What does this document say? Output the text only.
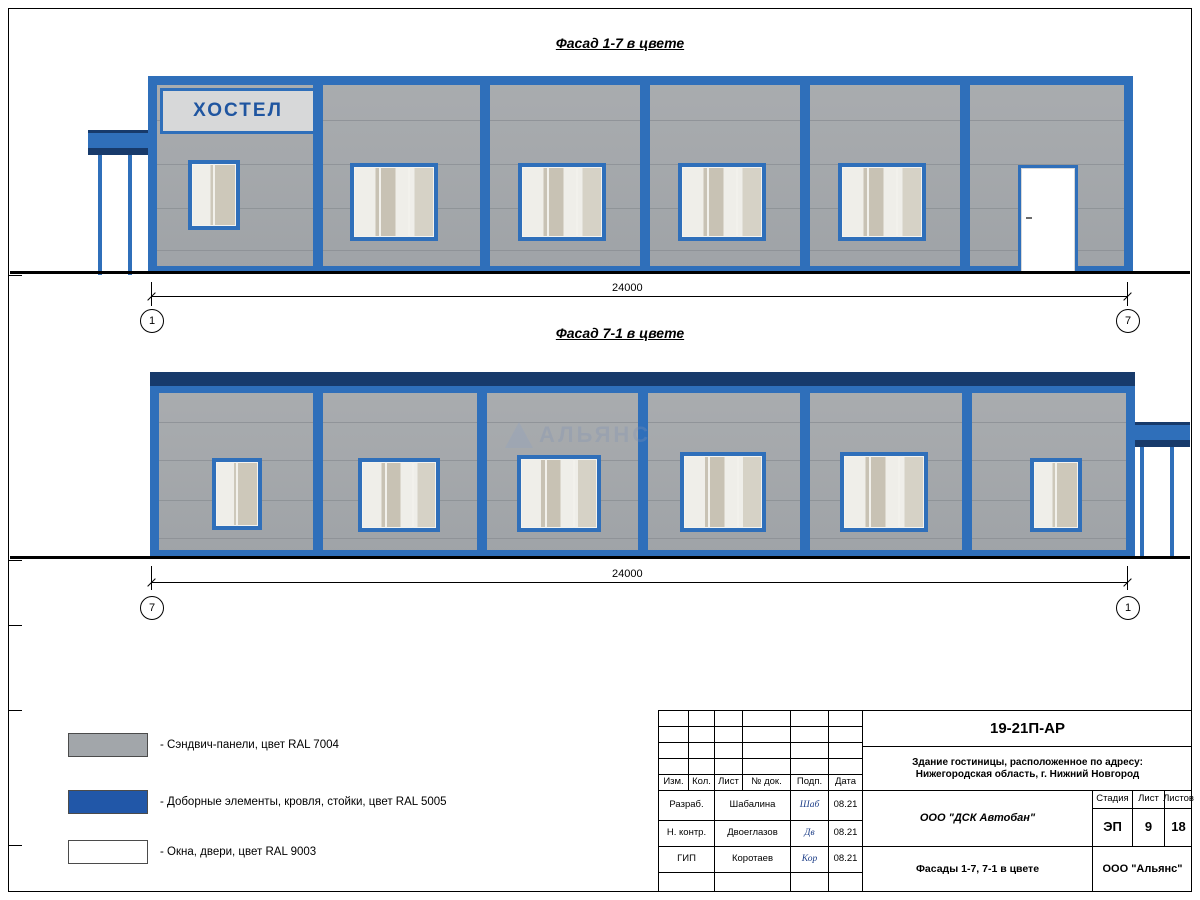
Фасад 1-7 в цвете
ХОСТЕЛ
24000
1	7
Фасад 7-1 в цвете
АЛЬЯНС
24000
7	1
- Сэндвич-панели, цвет RAL 7004
- Доборные элементы, кровля, стойки, цвет RAL 5005
- Окна, двери, цвет RAL 9003
Изм. Кол. Лист	№ док.	Подп.	Дата
Разраб.	Шабалина	Шаб	08.21
Н. контр.	Двоеглазов	Дв	08.21
ГИП	Коротаев	Кор	08.21
19-21П-АР
Здание гостиницы, расположенное по адресу:
Нижегородская область, г. Нижний Новгород
ООО "ДСК Автобан"
Стадия Лист Листов
ЭП	9	18
Фасады 1-7, 7-1 в цвете	ООО "Альянс"
